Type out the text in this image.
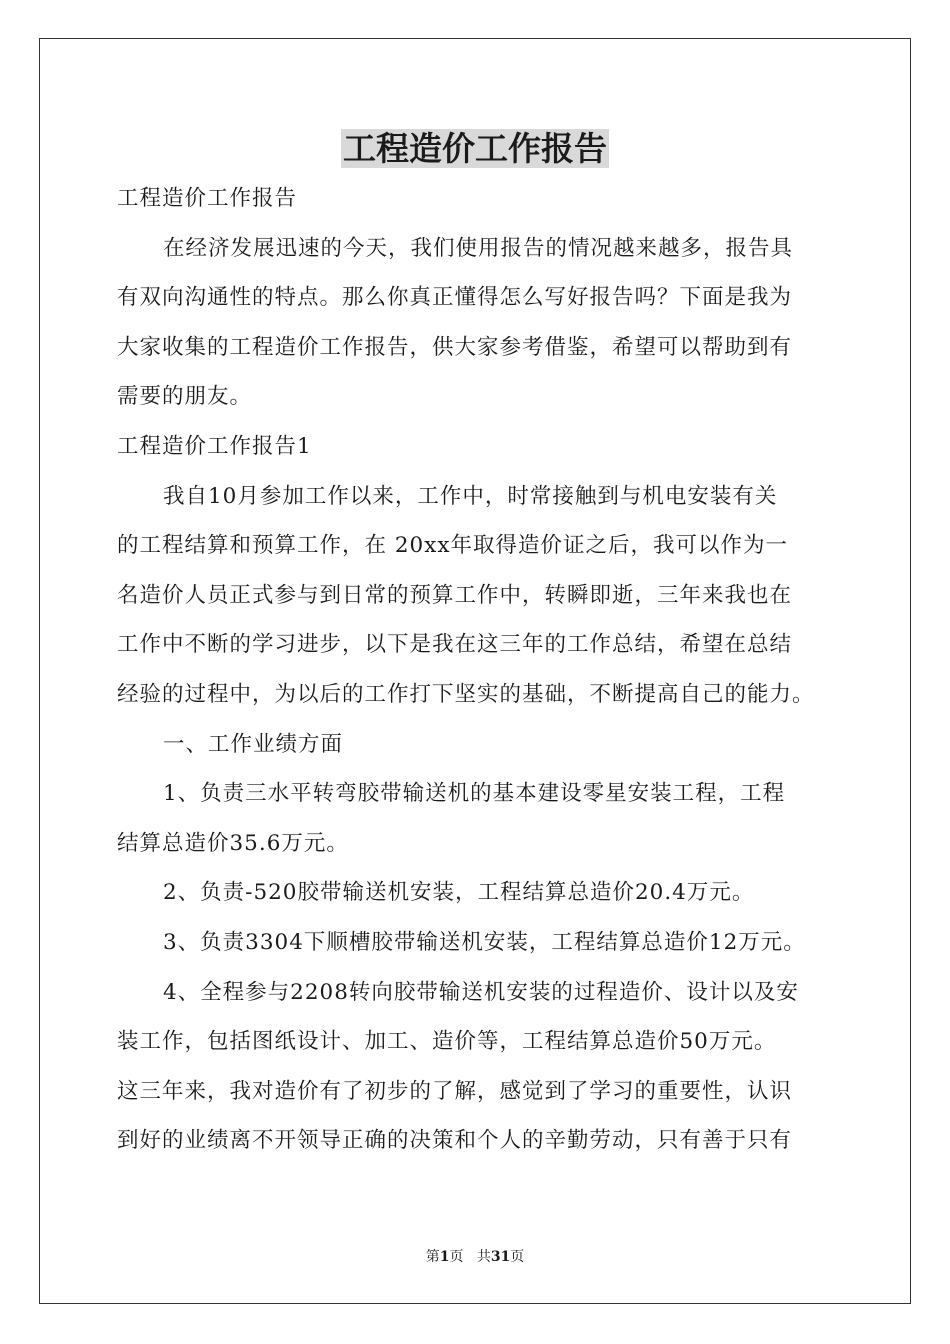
工程造价工作报告

工程造价工作报告

在经济发展迅速的今天，我们使用报告的情况越来越多，报告具

有双向沟通性的特点。那么你真正懂得怎么写好报告吗？下面是我为

大家收集的工程造价工作报告，供大家参考借鉴，希望可以帮助到有

需要的朋友。

工程造价工作报告1

我自10月参加工作以来，工作中，时常接触到与机电安装有关

的工程结算和预算工作，在 20xx年取得造价证之后，我可以作为一

名造价人员正式参与到日常的预算工作中，转瞬即逝，三年来我也在

工作中不断的学习进步，以下是我在这三年的工作总结，希望在总结

经验的过程中，为以后的工作打下坚实的基础，不断提高自己的能力。

一、工作业绩方面

1、负责三水平转弯胶带输送机的基本建设零星安装工程，工程

结算总造价35.6万元。

2、负责-520胶带输送机安装，工程结算总造价20.4万元。

3、负责3304下顺槽胶带输送机安装，工程结算总造价12万元。

4、全程参与2208转向胶带输送机安装的过程造价、设计以及安

装工作，包括图纸设计、加工、造价等，工程结算总造价50万元。

这三年来，我对造价有了初步的了解，感觉到了学习的重要性，认识

到好的业绩离不开领导正确的决策和个人的辛勤劳动，只有善于只有

第1页 共31页
